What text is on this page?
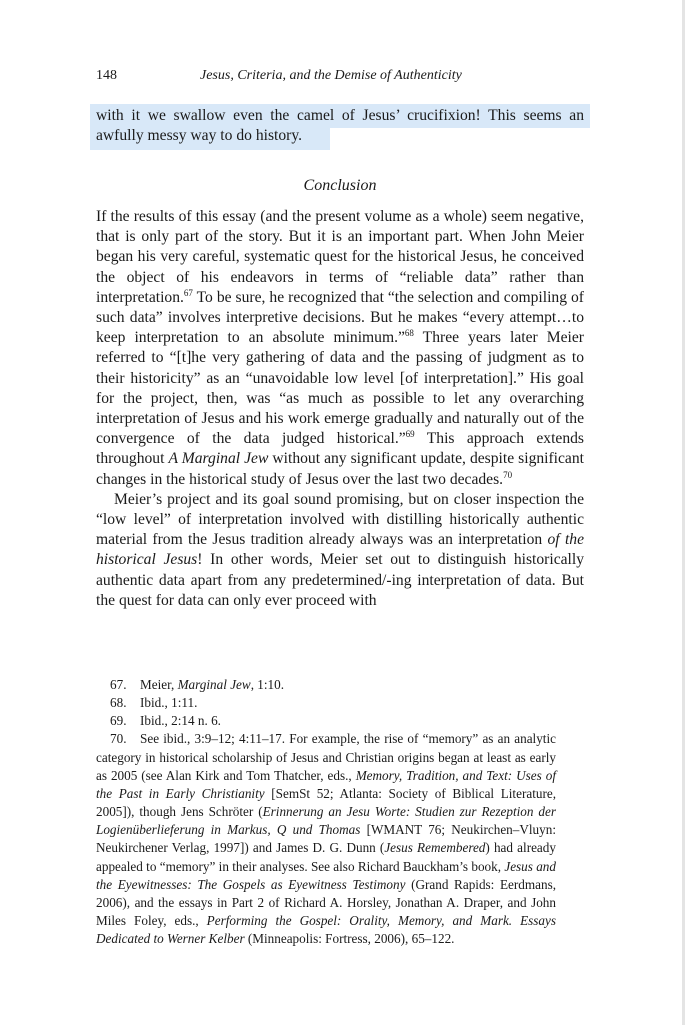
148	Jesus, Criteria, and the Demise of Authenticity
with it we swallow even the camel of Jesus’ crucifixion! This seems an
awfully messy way to do history.
Conclusion

If the results of this essay (and the present volume as a whole) seem negative, that is only part of the story. But it is an important part. When John Meier began his very careful, systematic quest for the historical Jesus, he conceived the object of his endeavors in terms of “reliable data” rather than interpretation.$^{67}$ To be sure, he recognized that “the selection and compiling of such data” involves interpretive decisions. But he makes “every attempt…to keep interpretation to an absolute minimum.”$^{68}$ Three years later Meier referred to “[t]he very gathering of data and the passing of judgment as to their historicity” as an “unavoidable low level [of interpretation].” His goal for the project, then, was “as much as possible to let any overarching interpretation of Jesus and his work emerge gradually and naturally out of the convergence of the data judged historical.”$^{69}$ This approach extends throughout A Marginal Jew without any significant update, despite significant changes in the historical study of Jesus over the last two decades.$^{70}$

Meier’s project and its goal sound promising, but on closer inspection the “low level” of interpretation involved with distilling historically authentic material from the Jesus tradition already always was an interpretation of the historical Jesus! In other words, Meier set out to distinguish historically authentic data apart from any predetermined/-ing interpretation of data. But the quest for data can only ever proceed with

67. Meier, Marginal Jew, 1:10.

68. Ibid., 1:11.

69. Ibid., 2:14 n. 6.

70. See ibid., 3:9–12; 4:11–17. For example, the rise of “memory” as an analytic category in historical scholarship of Jesus and Christian origins began at least as early as 2005 (see Alan Kirk and Tom Thatcher, eds., Memory, Tradition, and Text: Uses of the Past in Early Christianity [SemSt 52; Atlanta: Society of Biblical Literature, 2005]), though Jens Schröter (Erinnerung an Jesu Worte: Studien zur Rezeption der Logienüberlieferung in Markus, Q und Thomas [WMANT 76; Neukirchen–Vluyn: Neukirchener Verlag, 1997]) and James D. G. Dunn (Jesus Remembered) had already appealed to “memory” in their analyses. See also Richard Bauckham’s book, Jesus and the Eyewitnesses: The Gospels as Eyewitness Testimony (Grand Rapids: Eerdmans, 2006), and the essays in Part 2 of Richard A. Horsley, Jonathan A. Draper, and John Miles Foley, eds., Performing the Gospel: Orality, Memory, and Mark. Essays Dedicated to Werner Kelber (Minneapolis: Fortress, 2006), 65–122.
